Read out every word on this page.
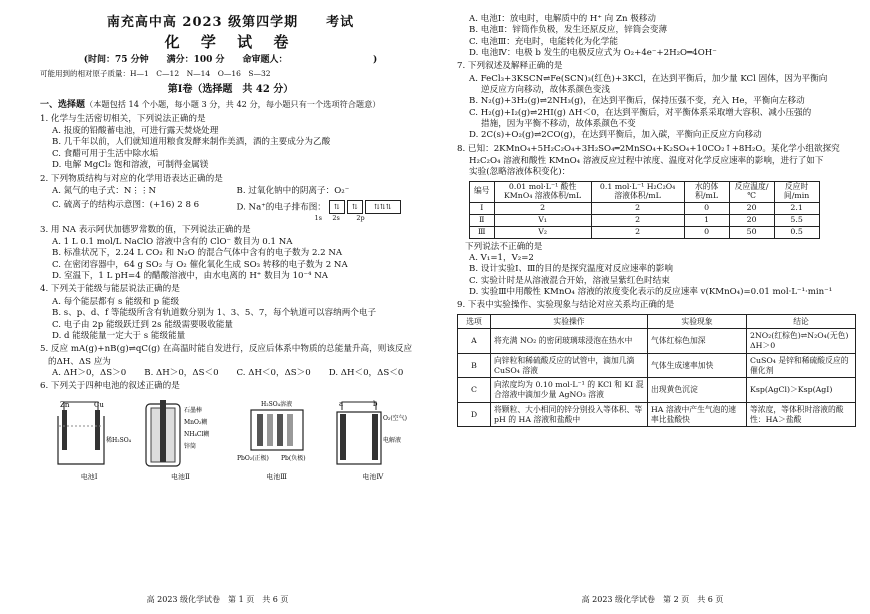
南充高中高 2023 级第四学期　　考试
化 学 试 卷
(时间：75 分钟　　满分：100 分　　命审题人：　　　　　　　　　　)
可能用到的相对原子质量：H—1　C—12　N—14　O—16　S—32
第Ⅰ卷（选择题　共 42 分）
一、选择题（本题包括 14 个小题，每小题 3 分，共 42 分，每小题只有一个选项符合题意）
1. 化学与生活密切相关，下列说法正确的是
A. 报废的铅酸蓄电池，可进行露天焚烧处理
B. 几千年以前，人们就知道用粮食发酵来制作美酒，酒的主要成分为乙酸
C. 食醋可用于生活中除水垢
D. 电解 MgCl₂ 饱和溶液，可制得金属镁
2. 下列物质结构与对应的化学用语表达正确的是
A. 氮气的电子式：N⋮⋮N	B. 过氧化钠中的阴离子：O₂⁻
C. 硫离子的结构示意图：(+16) 2 8 6	D. Na⁺的电子排布图：	⇅	⇅	⇅⇅⇅
1s 2s	2p
3. 用 NA 表示阿伏加德罗常数的值，下列说法正确的是
A. 1 L 0.1 mol/L NaClO 溶液中含有的 ClO⁻ 数目为 0.1 NA
B. 标准状况下，2.24 L CO₂ 和 N₂O 的混合气体中含有的电子数为 2.2 NA
C. 在密闭容器中，64 g SO₂ 与 O₂ 催化氧化生成 SO₃ 转移的电子数为 2 NA
D. 室温下，1 L pH=4 的醋酸溶液中，由水电离的 H⁺ 数目为 10⁻⁴ NA
4. 下列关于能级与能层说法正确的是
A. 每个能层都有 s 能级和 p 能级
B. s、p、d、f 等能级所含有轨道数分别为 1、3、5、7，每个轨道可以容纳两个电子
C. 电子由 2p 能级跃迁到 2s 能级需要吸收能量
D. d 能级能量一定大于 s 能级能量
5. 反应 mA(g)+nB(g)⇌qC(g) 在高温时能自发进行，反应后体系中物质的总能量升高，则该反应
的ΔH、ΔS 应为
A. ΔH＞0，ΔS＞0	B. ΔH＞0，ΔS＜0	C. ΔH＜0，ΔS＞0	D. ΔH＜0，ΔS＜0
6. 下列关于四种电池的叙述正确的是
Zn	Cu
稀H₂SO₄
电池Ⅰ
石墨棒
MnO₂糊
NH₄Cl糊
锌筒
电池Ⅱ
H₂SO₄溶液
PbO₂(正极) Pb(负极)
电池Ⅲ
a	b
O₂(空气)
电解液
电池Ⅳ
高 2023 级化学试卷　第 1 页　共 6 页
A. 电池Ⅰ：放电时，电解质中的 H⁺ 向 Zn 极移动
B. 电池Ⅱ：锌筒作负极，发生还原反应，锌筒会变薄
C. 电池Ⅲ：充电时，电能转化为化学能
D. 电池Ⅳ：电极 b 发生的电极反应式为 O₂+4e⁻+2H₂O═4OH⁻
7. 下列叙述及解释正确的是
A. FeCl₃+3KSCN⇌Fe(SCN)₃(红色)+3KCl，在达到平衡后，加少量 KCl 固体，因为平衡向
逆反应方向移动，故体系颜色变浅
B. N₂(g)+3H₂(g)⇌2NH₃(g)，在达到平衡后，保持压强不变，充入 He，平衡向左移动
C. H₂(g)+I₂(g)⇌2HI(g) ΔH＜0，在达到平衡后，对平衡体系采取增大容积、减小压强的
措施，因为平衡不移动，故体系颜色不变
D. 2C(s)+O₂(g)⇌2CO(g)，在达到平衡后，加入碳，平衡向正反应方向移动
8. 已知：2KMnO₄+5H₂C₂O₄+3H₂SO₄═2MnSO₄+K₂SO₄+10CO₂↑+8H₂O。某化学小组欲探究
H₂C₂O₄ 溶液和酸性 KMnO₄ 溶液反应过程中浓度、温度对化学反应速率的影响，进行了如下
实验(忽略溶液体积变化)：
编号	0.01 mol·L⁻¹ 酸性 KMnO₄ 溶液体积/mL	0.1 mol·L⁻¹ H₂C₂O₄ 溶液体积/mL	水的体积/mL	反应温度/℃	反应时间/min
Ⅰ	2	2	0	20	2.1
Ⅱ	V₁	2	1	20	5.5
Ⅲ	V₂	2	0	50	0.5
下列说法不正确的是
A. V₁=1，V₂=2
B. 设计实验Ⅰ、Ⅲ的目的是探究温度对反应速率的影响
C. 实验计时是从溶液混合开始，溶液呈紫红色时结束
D. 实验Ⅲ中用酸性 KMnO₄ 溶液的浓度变化表示的反应速率 v(KMnO₄)=0.01 mol·L⁻¹·min⁻¹
9. 下表中实验操作、实验现象与结论对应关系均正确的是
选项	实验操作	实验现象	结论
A	将充满 NO₂ 的密闭玻璃球浸泡在热水中	气体红棕色加深	2NO₂(红棕色)⇌N₂O₄(无色)　ΔH＞0
B	向锌粒和稀硫酸反应的试管中，滴加几滴 CuSO₄ 溶液	气体生成速率加快	CuSO₄ 是锌和稀硫酸反应的催化剂
C	向浓度均为 0.10 mol·L⁻¹ 的 KCl 和 KI 混合溶液中滴加少量 AgNO₃ 溶液	出现黄色沉淀	Ksp(AgCl)＞Ksp(AgI)
D	将颗粒、大小相同的锌分别投入等体积、等 pH 的 HA 溶液和盐酸中	HA 溶液中产生气泡的速率比盐酸快	等浓度，等体积时溶液的酸性：HA＞盐酸
高 2023 级化学试卷　第 2 页　共 6 页
